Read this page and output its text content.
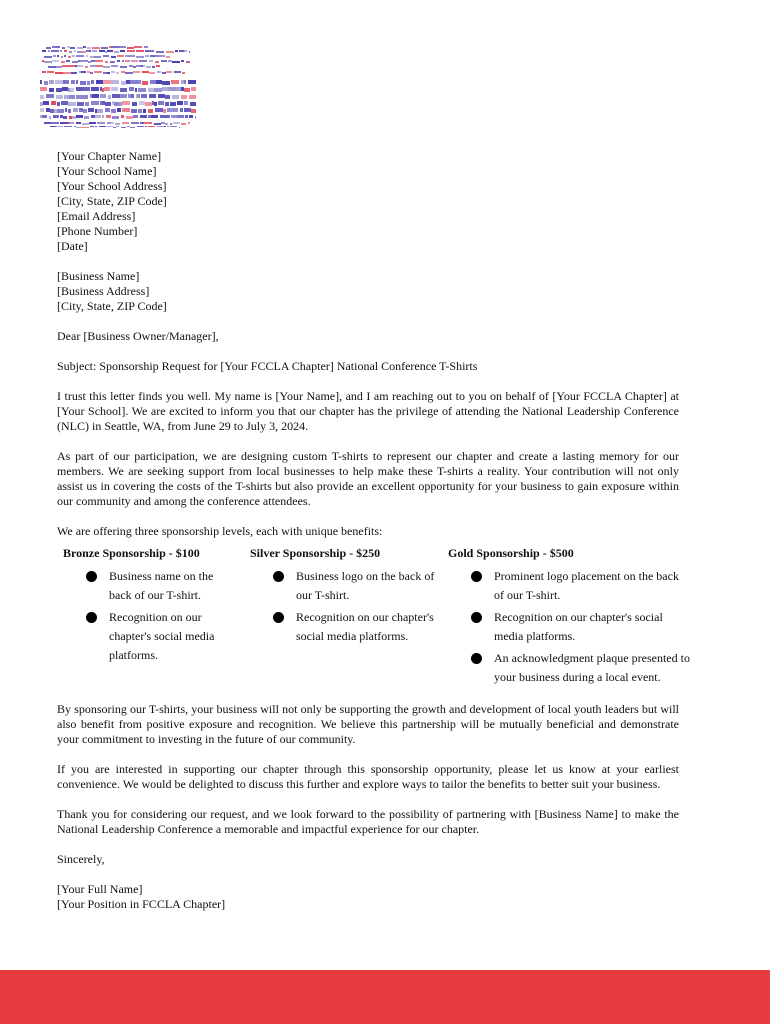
[Your Chapter Name]
[Your School Name]
[Your School Address]
[City, State, ZIP Code]
[Email Address]
[Phone Number]
[Date]
[Business Name]
[Business Address]
[City, State, ZIP Code]

Dear [Business Owner/Manager],

Subject: Sponsorship Request for [Your FCCLA Chapter] National Conference T-Shirts

I trust this letter finds you well. My name is [Your Name], and I am reaching out to you on behalf of [Your FCCLA Chapter] at [Your School]. We are excited to inform you that our chapter has the privilege of attending the National Leadership Conference (NLC) in Seattle, WA, from June 29 to July 3, 2024.

As part of our participation, we are designing custom T-shirts to represent our chapter and create a lasting memory for our members. We are seeking support from local businesses to help make these T-shirts a reality. Your contribution will not only assist us in covering the costs of the T-shirts but also provide an excellent opportunity for your business to gain exposure within our community and among the conference attendees.

We are offering three sponsorship levels, each with unique benefits:

Bronze Sponsorship - $100
Business name on the back of our T-shirt.
Recognition on our chapter's social media platforms.
Silver Sponsorship - $250
Business logo on the back of our T-shirt.
Recognition on our chapter's social media platforms.
Gold Sponsorship - $500
Prominent logo placement on the back of our T-shirt.
Recognition on our chapter's social media platforms.
An acknowledgment plaque presented to your business during a local event.

By sponsoring our T-shirts, your business will not only be supporting the growth and development of local youth leaders but will also benefit from positive exposure and recognition. We believe this partnership will be mutually beneficial and demonstrate your commitment to investing in the future of our community.

If you are interested in supporting our chapter through this sponsorship opportunity, please let us know at your earliest convenience. We would be delighted to discuss this further and explore ways to tailor the benefits to better suit your business.

Thank you for considering our request, and we look forward to the possibility of partnering with [Business Name] to make the National Leadership Conference a memorable and impactful experience for our chapter.

Sincerely,

[Your Full Name]
[Your Position in FCCLA Chapter]
